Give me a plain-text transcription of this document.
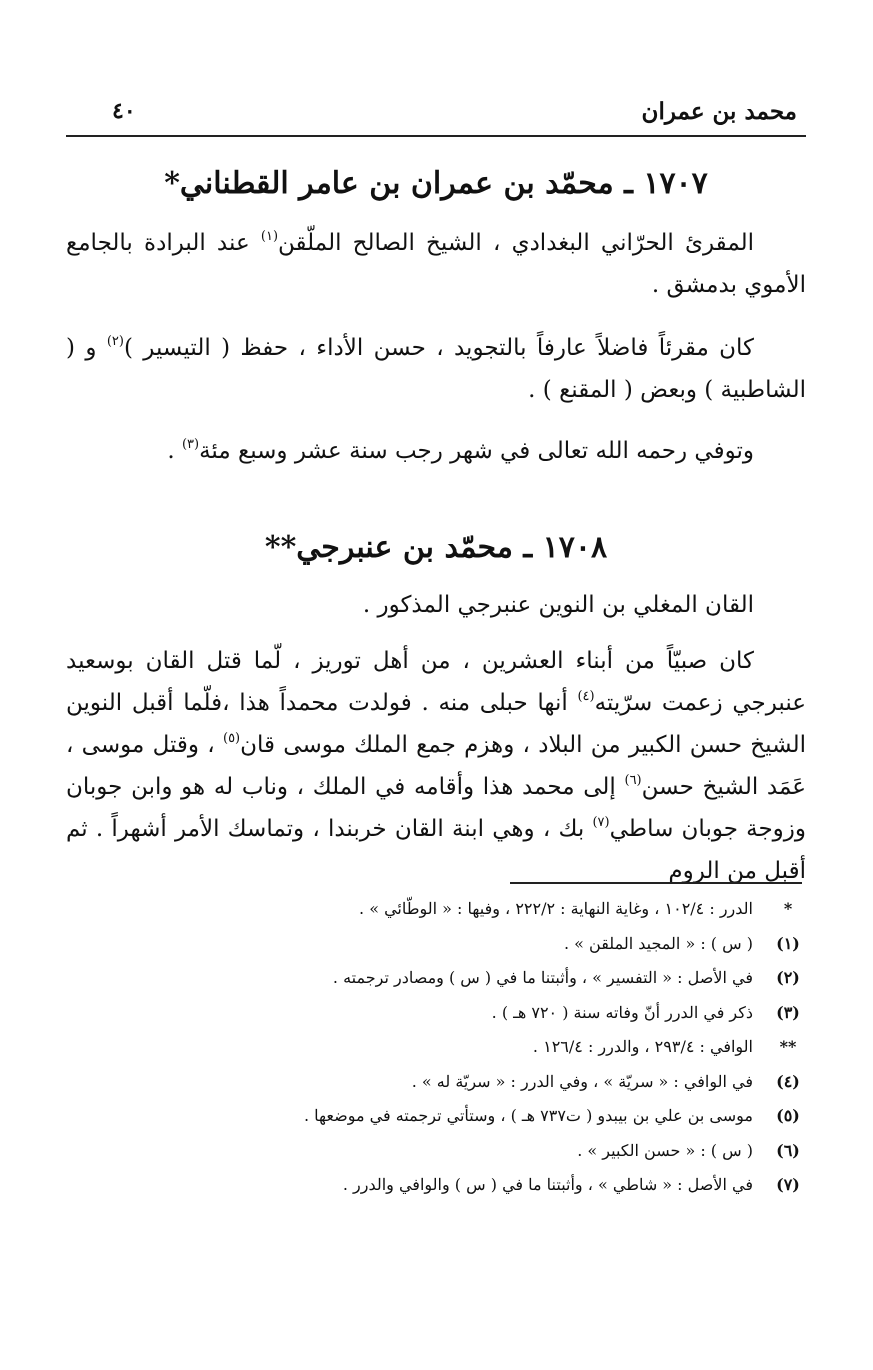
محمد بن عمران
٤٠
١٧٠٧ ـ محمّد بن عمران بن عامر القطناني*
المقرئ الحرّاني البغدادي ، الشيخ الصالح الملّقن$^{(١)}$ عند البرادة بالجامع الأموي بدمشق .
كان مقرئاً فاضلاً عارفاً بالتجويد ، حسن الأداء ، حفظ ( التيسير )$^{(٢)}$ و ( الشاطبية ) وبعض ( المقنع ) .
وتوفي رحمه الله تعالى في شهر رجب سنة عشر وسبع مئة$^{(٣)}$ .
١٧٠٨ ـ محمّد بن عنبرجي**
القان المغلي بن النوين عنبرجي المذكور .
كان صبيّاً من أبناء العشرين ، من أهل توريز ، لّما قتل القان بوسعيد عنبرجي زعمت سرّيته$^{(٤)}$ أنها حبلى منه . فولدت محمداً هذا ،فلّما أقبل النوين الشيخ حسن الكبير من البلاد ، وهزم جمع الملك موسى قان$^{(٥)}$ ، وقتل موسى ، عَمَد الشيخ حسن$^{(٦)}$ إلى محمد هذا وأقامه في الملك ، وناب له هو وابن جوبان وزوجة جوبان ساطي$^{(٧)}$ بك ، وهي ابنة القان خربندا ، وتماسك الأمر أشهراً . ثم أقبل من الروم
*
الدرر : ١٠٢/٤ ، وغاية النهاية : ٢٢٢/٢ ، وفيها : « الوطّائي » .
(١)
( س ) : « المجيد الملقن » .
(٢)
في الأصل : « التفسير » ، وأثبتنا ما في ( س ) ومصادر ترجمته .
(٣)
ذكر في الدرر أنّ وفاته سنة ( ٧٢٠ هـ ) .
**
الوافي : ٢٩٣/٤ ، والدرر : ١٢٦/٤ .
(٤)
في الوافي : « سريّة » ، وفي الدرر : « سريّة له » .
(٥)
موسى بن علي بن بيبدو ( ت٧٣٧ هـ ) ، وستأتي ترجمته في موضعها .
(٦)
( س ) : « حسن الكبير » .
(٧)
في الأصل : « شاطي » ، وأثبتنا ما في ( س ) والوافي والدرر .
